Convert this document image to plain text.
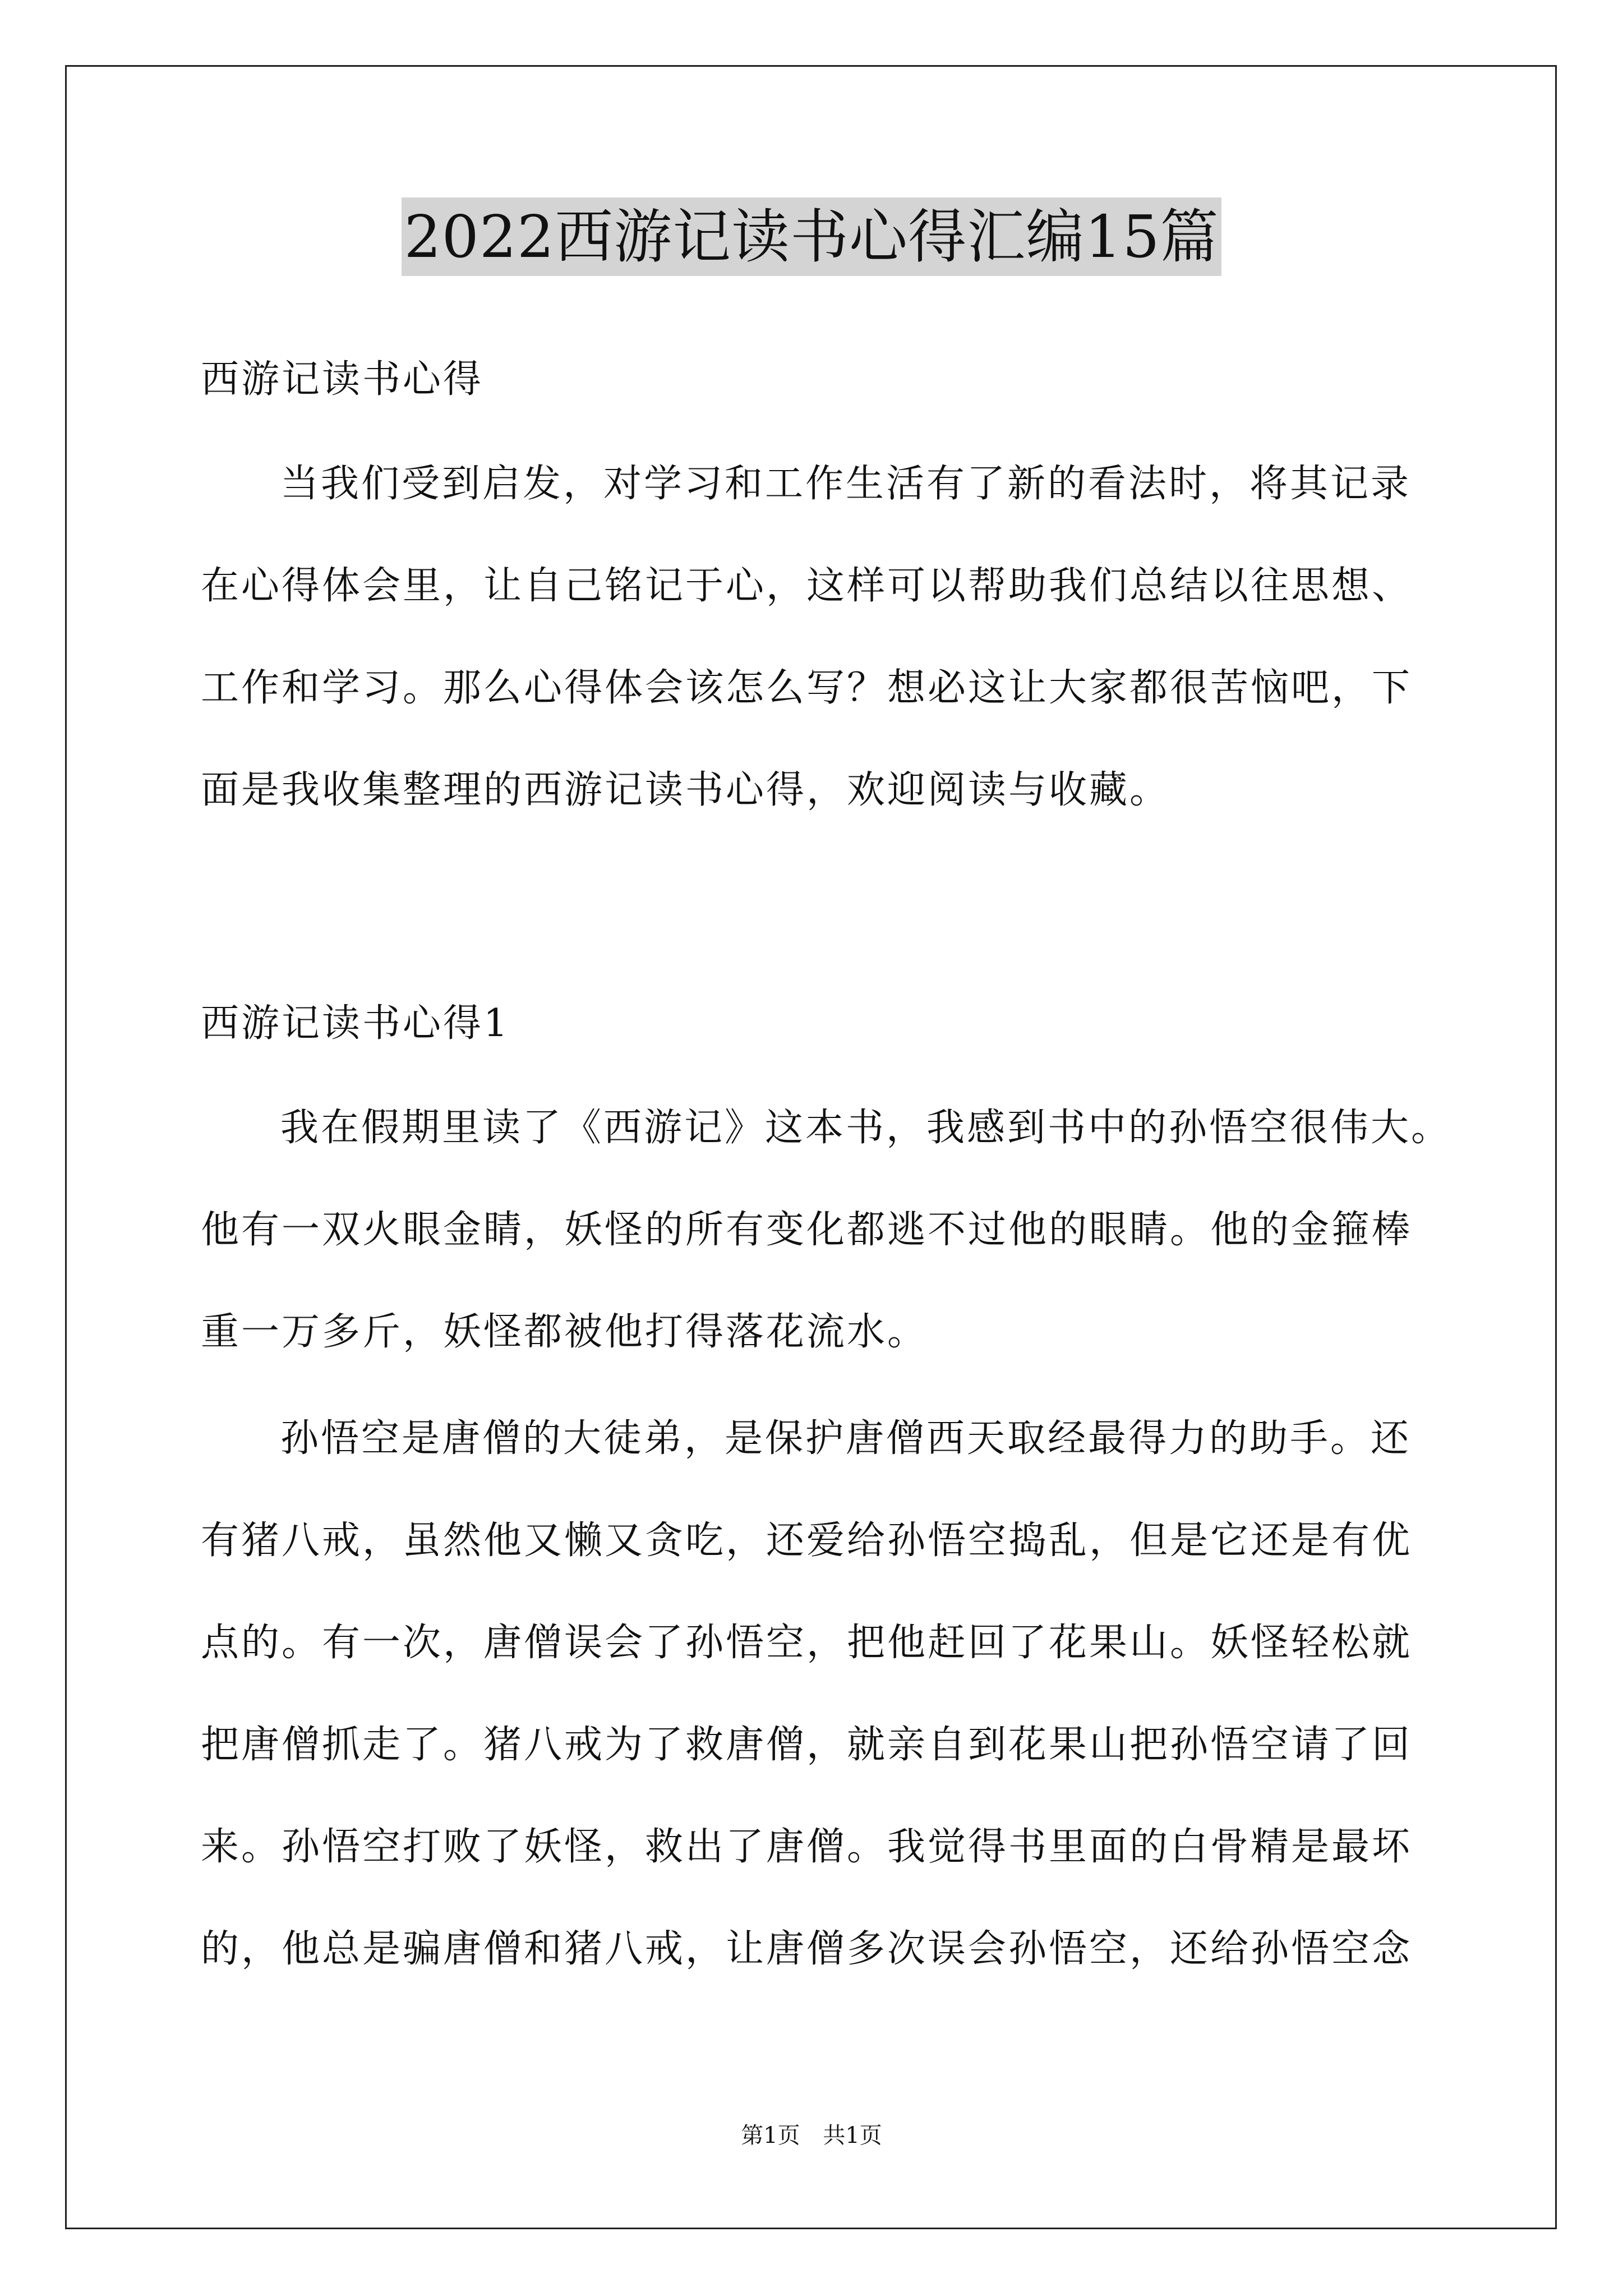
2022西游记读书心得汇编15篇
西游记读书心得
当我们受到启发，对学习和工作生活有了新的看法时，将其记录
在心得体会里，让自己铭记于心，这样可以帮助我们总结以往思想、
工作和学习。那么心得体会该怎么写？想必这让大家都很苦恼吧，下
面是我收集整理的西游记读书心得，欢迎阅读与收藏。
西游记读书心得1
我在假期里读了《西游记》这本书，我感到书中的孙悟空很伟大。
他有一双火眼金睛，妖怪的所有变化都逃不过他的眼睛。他的金箍棒
重一万多斤，妖怪都被他打得落花流水。
孙悟空是唐僧的大徒弟，是保护唐僧西天取经最得力的助手。还
有猪八戒，虽然他又懒又贪吃，还爱给孙悟空捣乱，但是它还是有优
点的。有一次，唐僧误会了孙悟空，把他赶回了花果山。妖怪轻松就
把唐僧抓走了。猪八戒为了救唐僧，就亲自到花果山把孙悟空请了回
来。孙悟空打败了妖怪，救出了唐僧。我觉得书里面的白骨精是最坏
的，他总是骗唐僧和猪八戒，让唐僧多次误会孙悟空，还给孙悟空念
第1页 共1页
